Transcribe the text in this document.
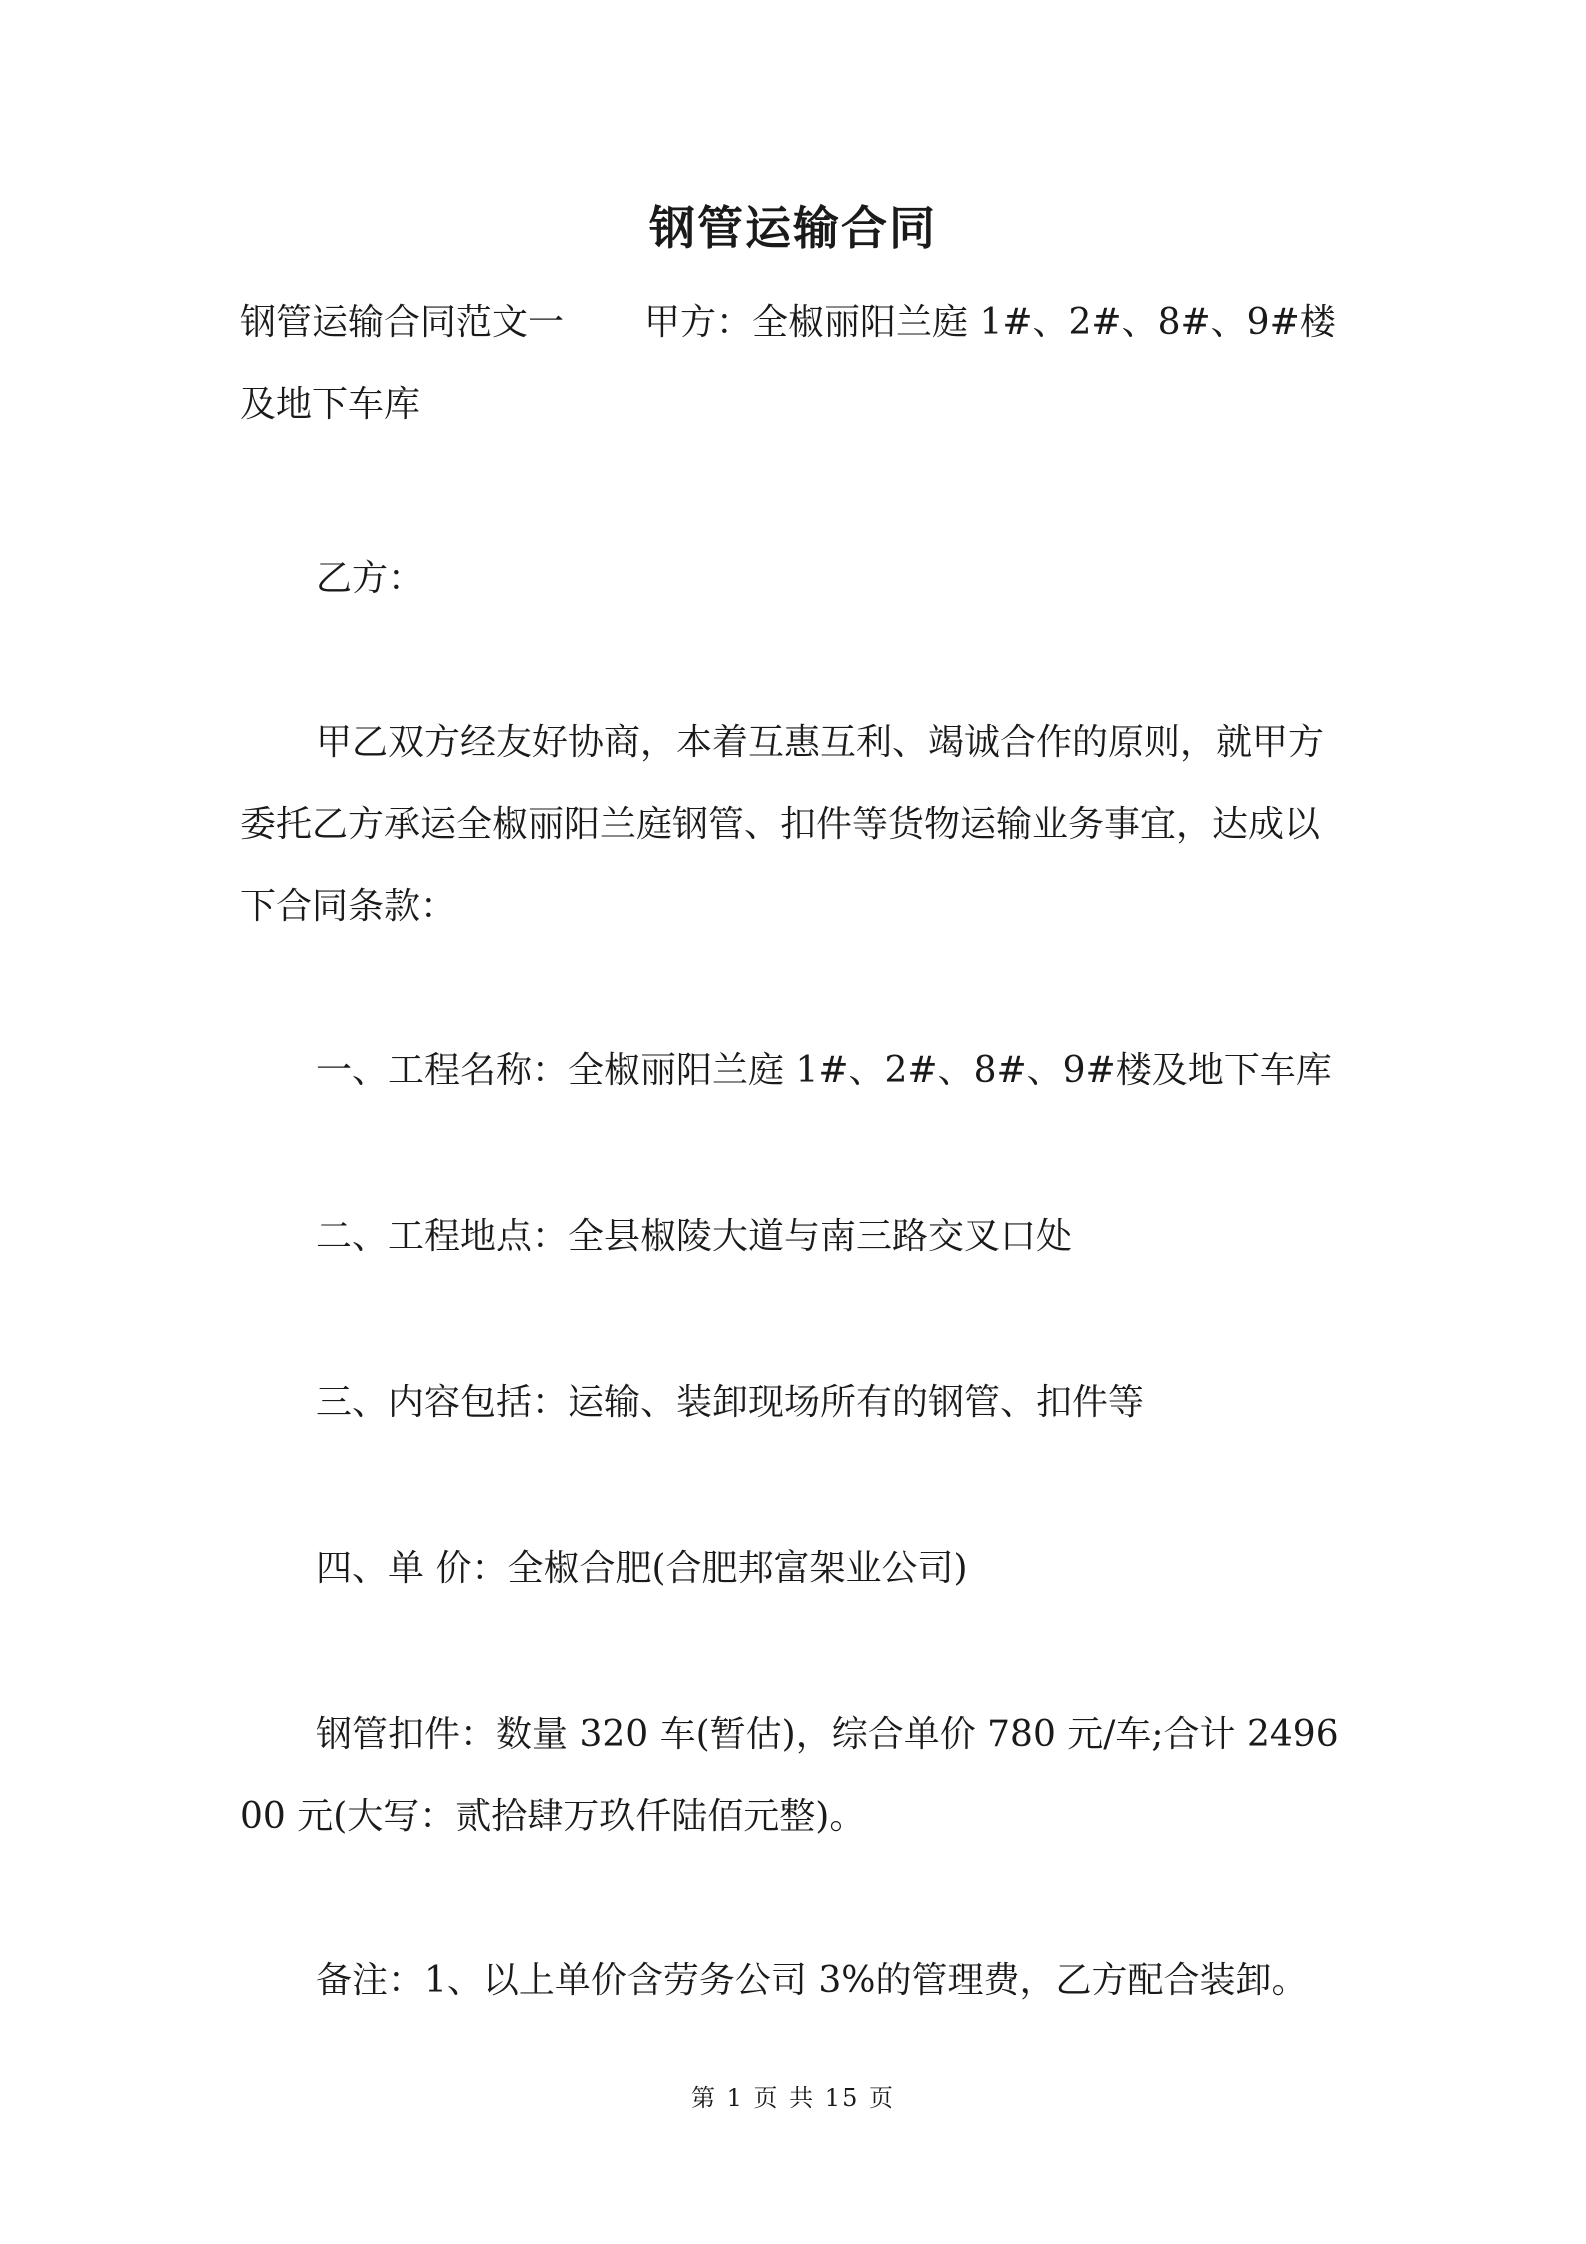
钢管运输合同

钢管运输合同范文一 甲方：全椒丽阳兰庭 1#、2#、8#、9#楼及地下车库

乙方：

甲乙双方经友好协商，本着互惠互利、竭诚合作的原则，就甲方委托乙方承运全椒丽阳兰庭钢管、扣件等货物运输业务事宜，达成以下合同条款：

一、工程名称：全椒丽阳兰庭 1#、2#、8#、9#楼及地下车库

二、工程地点：全县椒陵大道与南三路交叉口处

三、内容包括：运输、装卸现场所有的钢管、扣件等

四、单 价：全椒合肥(合肥邦富架业公司)

钢管扣件：数量 320 车(暂估)，综合单价 780 元/车;合计 249600 元(大写：贰拾肆万玖仟陆佰元整)。

备注：1、以上单价含劳务公司 3%的管理费，乙方配合装卸。

第 1 页 共 15 页
